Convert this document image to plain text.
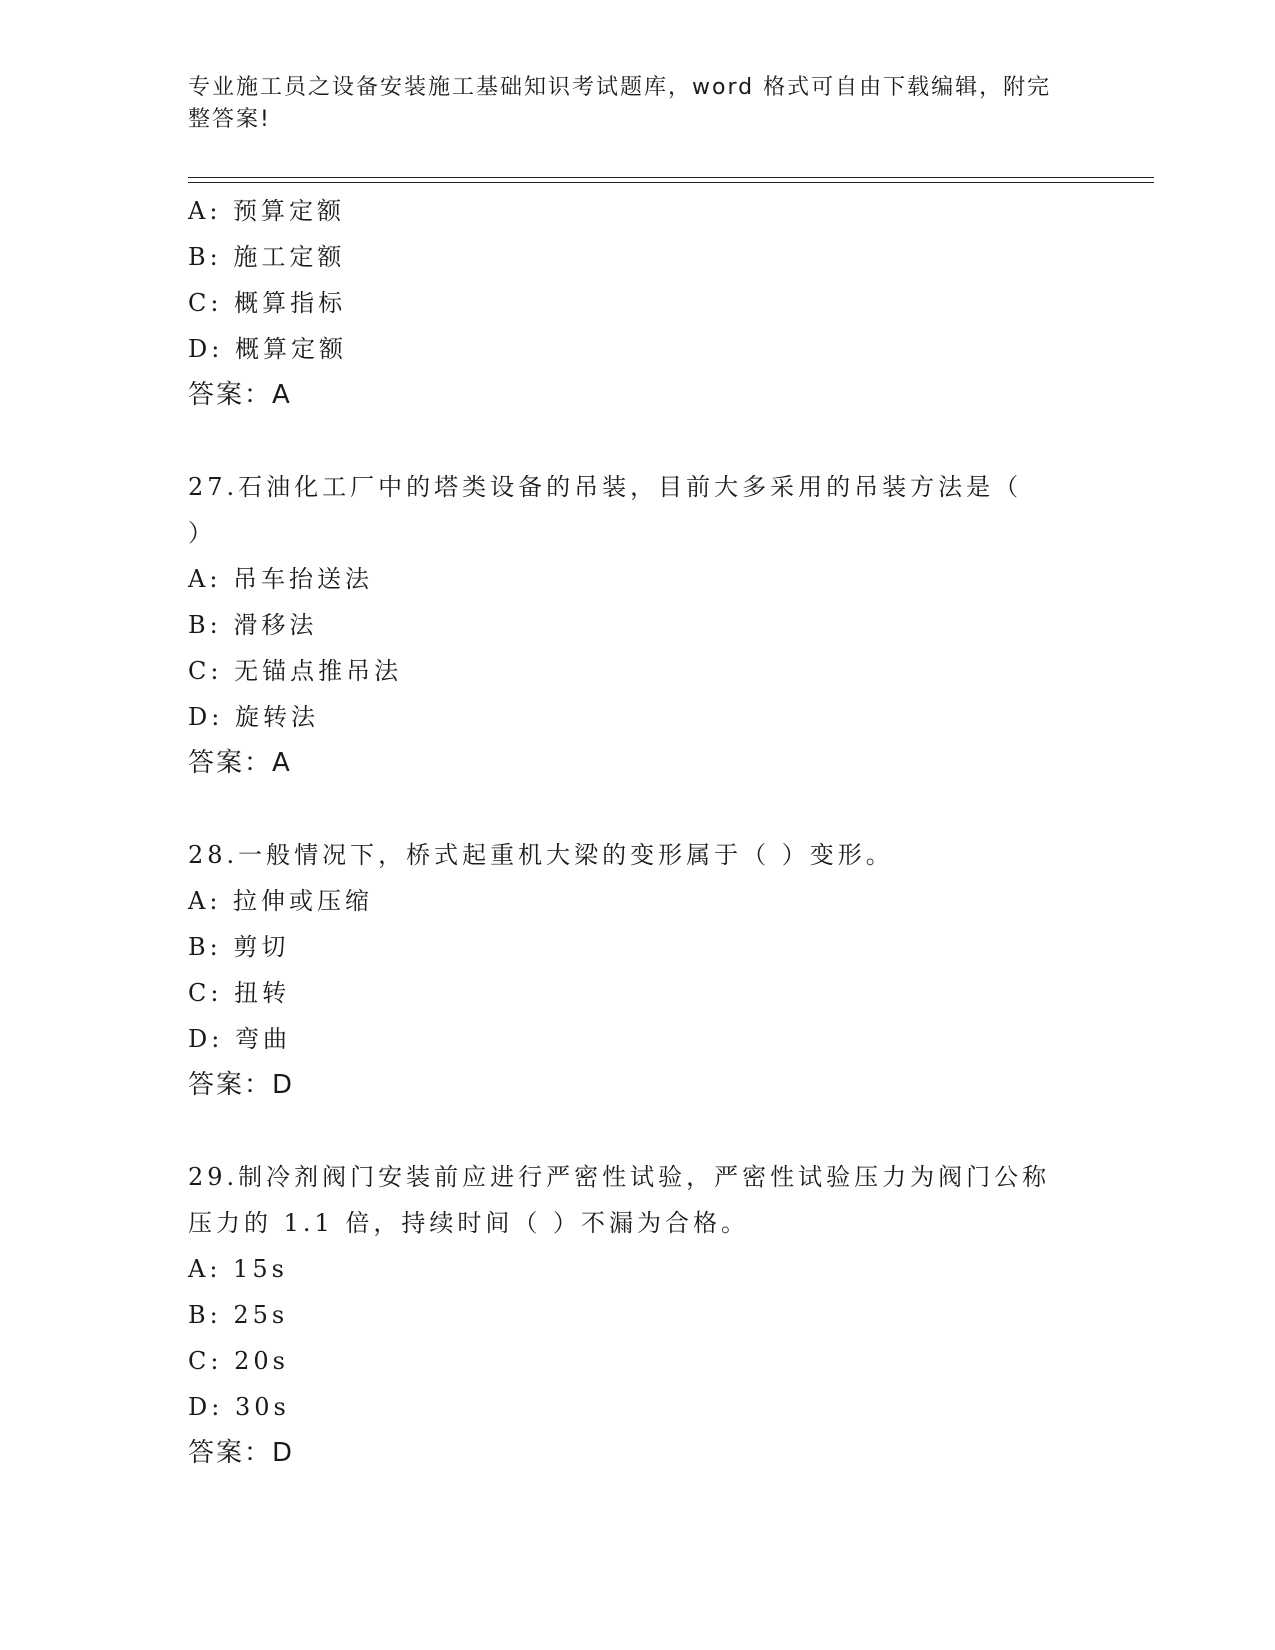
专业施工员之设备安装施工基础知识考试题库，word 格式可自由下载编辑，附完
整答案!
A: 预算定额
B: 施工定额
C: 概算指标
D: 概算定额
答案：A
27.石油化工厂中的塔类设备的吊装，目前大多采用的吊装方法是（
）
A: 吊车抬送法
B: 滑移法
C: 无锚点推吊法
D: 旋转法
答案：A
28.一般情况下，桥式起重机大梁的变形属于（ ）变形。
A: 拉伸或压缩
B: 剪切
C: 扭转
D: 弯曲
答案：D
29.制冷剂阀门安装前应进行严密性试验，严密性试验压力为阀门公称
压力的 1.1 倍，持续时间（ ）不漏为合格。
A: 15s
B: 25s
C: 20s
D: 30s
答案：D
